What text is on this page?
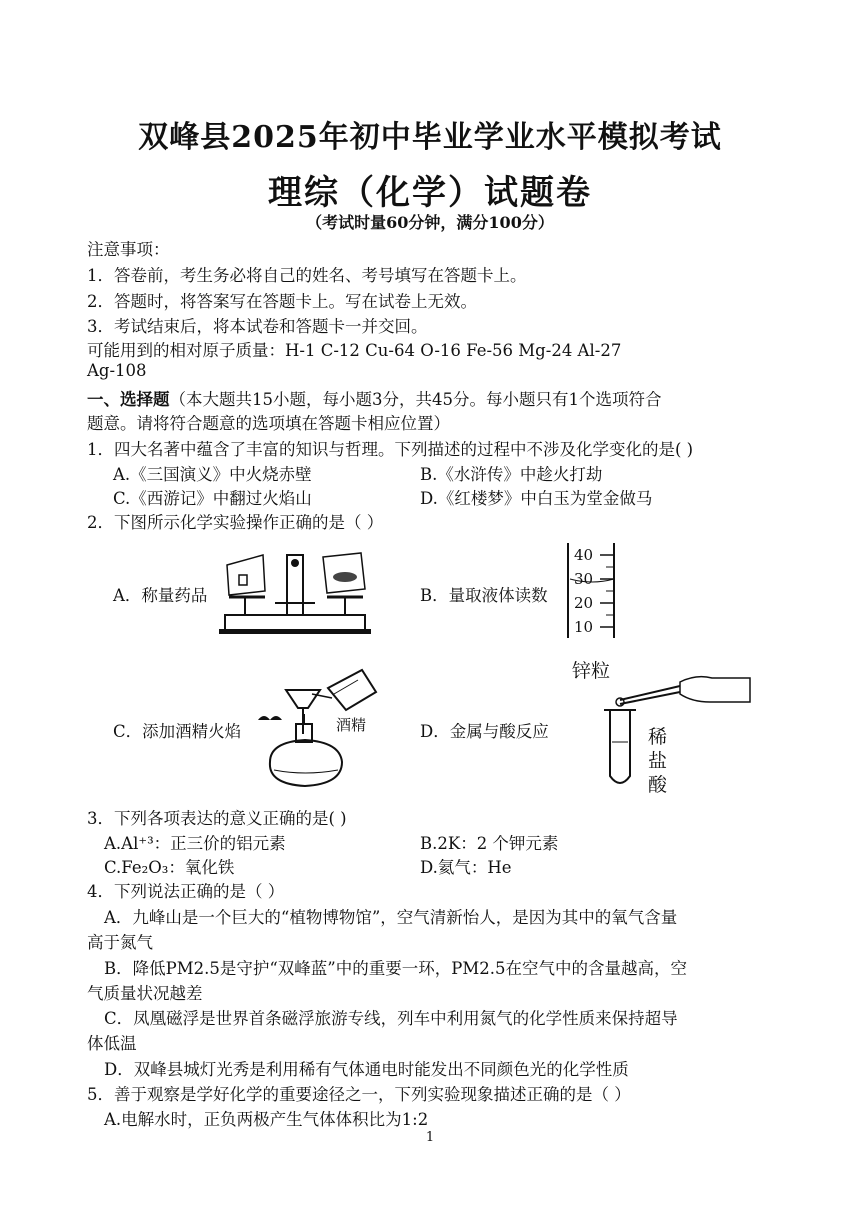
双峰县2025年初中毕业学业水平模拟考试
理综（化学）试题卷
（考试时量60分钟，满分100分）
注意事项：
1．答卷前，考生务必将自己的姓名、考号填写在答题卡上。
2．答题时，将答案写在答题卡上。写在试卷上无效。
3．考试结束后，将本试卷和答题卡一并交回。
可能用到的相对原子质量：H-1 C-12 Cu-64 O-16 Fe-56 Mg-24 Al-27
Ag-108
一、选择题（本大题共15小题，每小题3分，共45分。每小题只有1个选项符合
题意。请将符合题意的选项填在答题卡相应位置）
1．四大名著中蕴含了丰富的知识与哲理。下列描述的过程中不涉及化学变化的是( )
A.《三国演义》中火烧赤壁	B.《水浒传》中趁火打劫
C.《西游记》中翻过火焰山	D.《红楼梦》中白玉为堂金做马
2．下图所示化学实验操作正确的是（ ）
A．称量药品	B．量取液体读数
40
30
20
10
C．添加酒精火焰	酒精	D．金属与酸反应
锌粒
稀
盐
酸
3．下列各项表达的意义正确的是( )
A.Al⁺³：正三价的铝元素	B.2K：2 个钾元素
C.Fe₂O₃：氧化铁	D.氦气：He
4．下列说法正确的是（ ）
A．九峰山是一个巨大的“植物博物馆”，空气清新怡人，是因为其中的氧气含量
高于氮气
B．降低PM2.5是守护“双峰蓝”中的重要一环，PM2.5在空气中的含量越高，空
气质量状况越差
C．凤凰磁浮是世界首条磁浮旅游专线，列车中利用氮气的化学性质来保持超导
体低温
D．双峰县城灯光秀是利用稀有气体通电时能发出不同颜色光的化学性质
5．善于观察是学好化学的重要途径之一，下列实验现象描述正确的是（ ）
A.电解水时，正负两极产生气体体积比为1:2
1
